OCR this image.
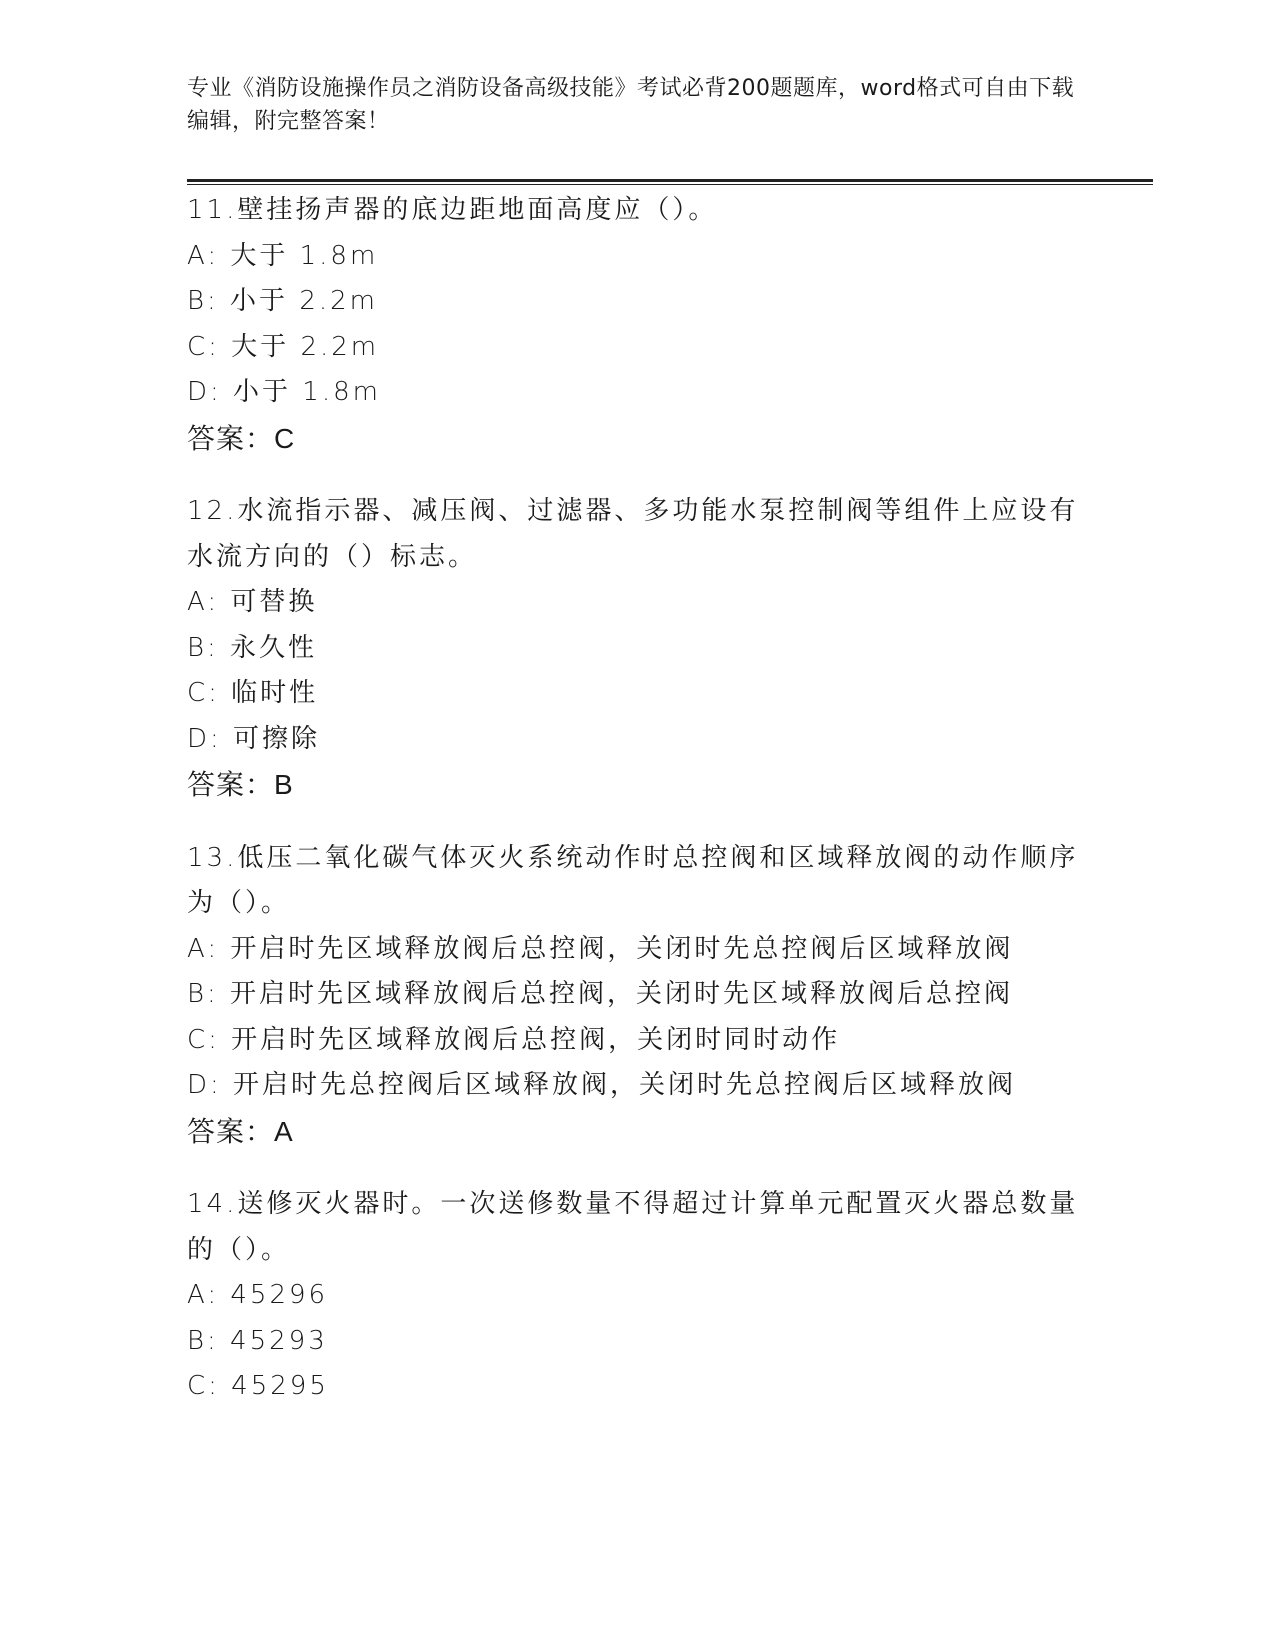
专业《消防设施操作员之消防设备高级技能》考试必背200题题库，word格式可自由下载编辑，附完整答案！
11.壁挂扬声器的底边距地面高度应（）。
A: 大于 1.8m
B: 小于 2.2m
C: 大于 2.2m
D: 小于 1.8m
答案：C
12.水流指示器、减压阀、过滤器、多功能水泵控制阀等组件上应设有
水流方向的（）标志。
A: 可替换
B: 永久性
C: 临时性
D: 可擦除
答案：B
13.低压二氧化碳气体灭火系统动作时总控阀和区域释放阀的动作顺序
为（）。
A: 开启时先区域释放阀后总控阀，关闭时先总控阀后区域释放阀
B: 开启时先区域释放阀后总控阀，关闭时先区域释放阀后总控阀
C: 开启时先区域释放阀后总控阀，关闭时同时动作
D: 开启时先总控阀后区域释放阀，关闭时先总控阀后区域释放阀
答案：A
14.送修灭火器时。一次送修数量不得超过计算单元配置灭火器总数量
的（）。
A: 45296
B: 45293
C: 45295
